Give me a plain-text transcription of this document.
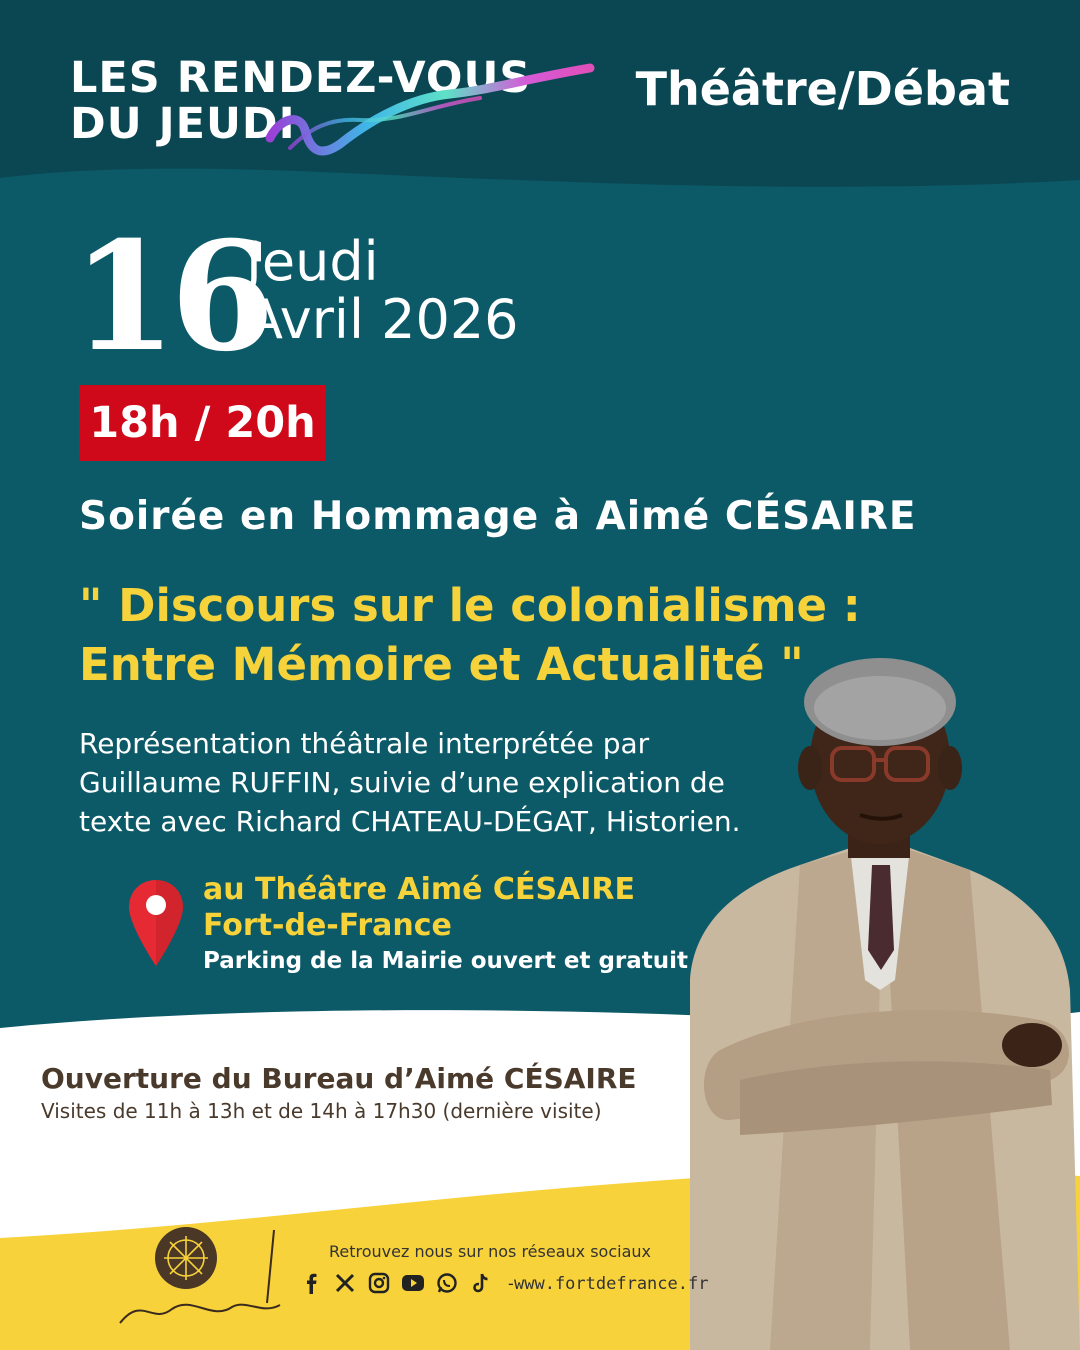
LES RENDEZ-VOUS
DU JEUDI
Théâtre/Débat
16
Jeudi
Avril 2026
18h / 20h
Soirée en Hommage à Aimé CÉSAIRE
" Discours sur le colonialisme :
Entre Mémoire et Actualité "
Représentation théâtrale interprétée par
Guillaume RUFFIN, suivie d’une explication de
texte avec Richard CHATEAU-DÉGAT, Historien.
au Théâtre Aimé CÉSAIRE
Fort-de-France
Parking de la Mairie ouvert et gratuit
Ouverture du Bureau d’Aimé CÉSAIRE
Visites de 11h à 13h et de 14h à 17h30 (dernière visite)
Retrouvez nous sur nos réseaux sociaux
- www.fortdefrance.fr
